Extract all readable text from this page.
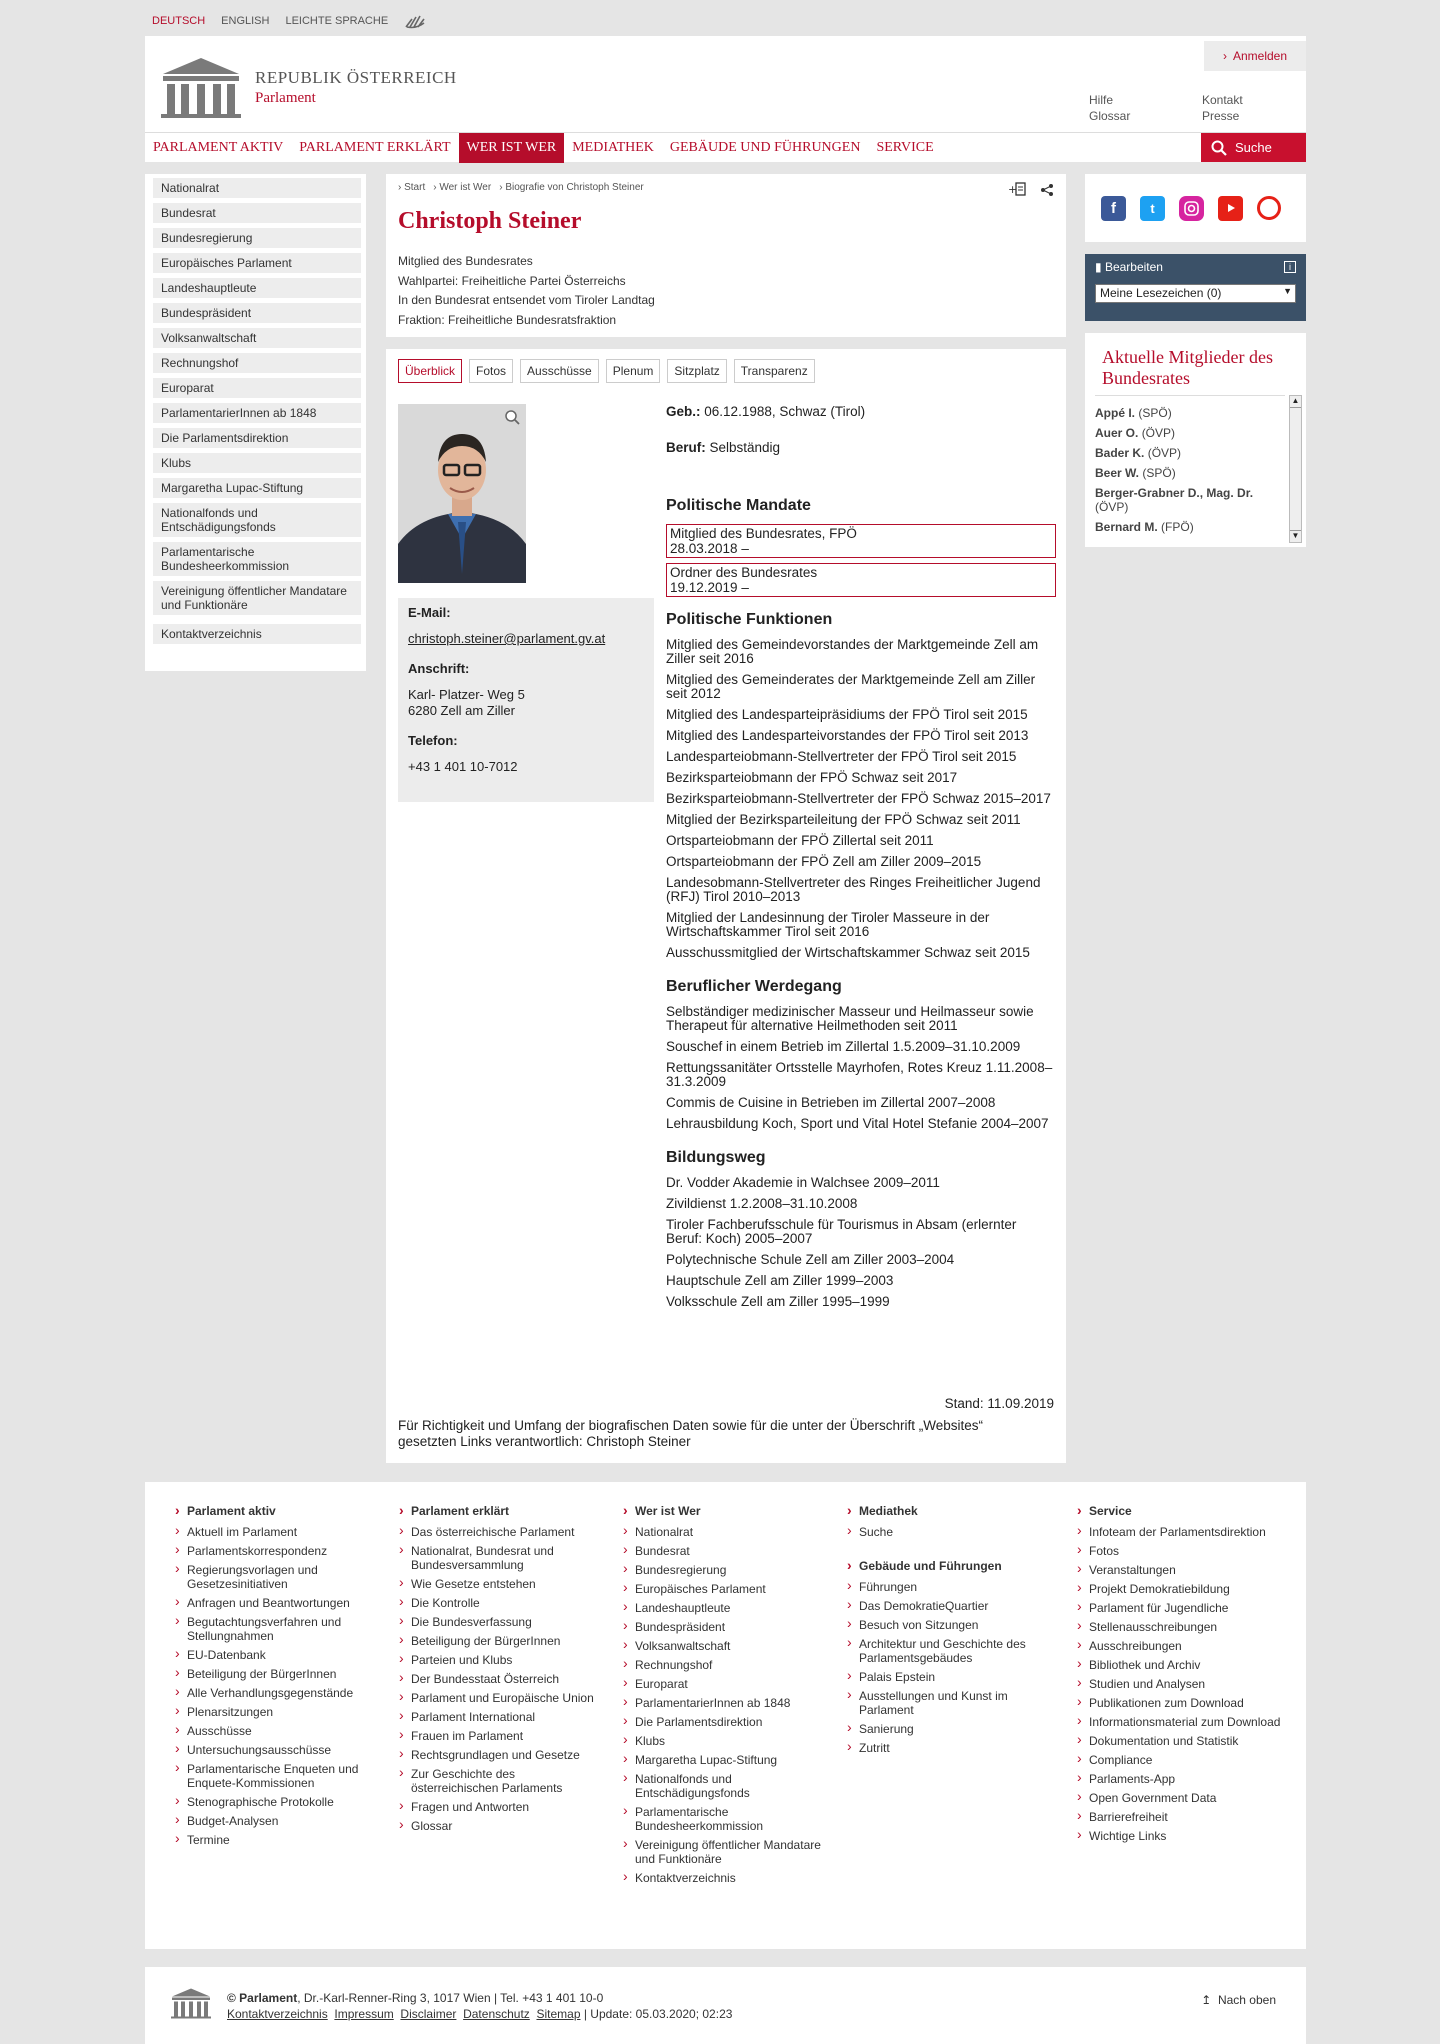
DEUTSCH ENGLISH LEICHTE SPRACHE
REPUBLIK ÖSTERREICH
Parlament
› Anmelden
Hilfe
Glossar
Kontakt
Presse
PARLAMENT AKTIV	PARLAMENT ERKLÄRT	WER IST WER	MEDIATHEK	GEBÄUDE UND FÜHRUNGEN	SERVICE	Suche
Nationalrat
Bundesrat
Bundesregierung
Europäisches Parlament
Landeshauptleute
Bundespräsident
Volksanwaltschaft
Rechnungshof
Europarat
ParlamentarierInnen ab 1848
Die Parlamentsdirektion
Klubs
Margaretha Lupac-Stiftung
Nationalfonds und Entschädigungsfonds
Parlamentarische Bundesheerkommission
Vereinigung öffentlicher Mandatare und Funktionäre
Kontaktverzeichnis
› Start › Wer ist Wer › Biografie von Christoph Steiner	+
Christoph Steiner
Mitglied des Bundesrates
Wahlpartei: Freiheitliche Partei Österreichs
In den Bundesrat entsendet vom Tiroler Landtag
Fraktion: Freiheitliche Bundesratsfraktion
Überblick	Fotos	Ausschüsse	Plenum	Sitzplatz	Transparenz
E-Mail:
christoph.steiner@parlament.gv.at
Anschrift:
Karl- Platzer- Weg 5
6280 Zell am Ziller
Telefon:
+43 1 401 10-7012
Geb.: 06.12.1988, Schwaz (Tirol)
Beruf: Selbständig
Politische Mandate
Mitglied des Bundesrates, FPÖ
28.03.2018 –
Ordner des Bundesrates
19.12.2019 –
Politische Funktionen
Mitglied des Gemeindevorstandes der Marktgemeinde Zell am Ziller seit 2016
Mitglied des Gemeinderates der Marktgemeinde Zell am Ziller seit 2012
Mitglied des Landesparteipräsidiums der FPÖ Tirol seit 2015
Mitglied des Landesparteivorstandes der FPÖ Tirol seit 2013
Landesparteiobmann-Stellvertreter der FPÖ Tirol seit 2015
Bezirksparteiobmann der FPÖ Schwaz seit 2017
Bezirksparteiobmann-Stellvertreter der FPÖ Schwaz 2015–2017
Mitglied der Bezirksparteileitung der FPÖ Schwaz seit 2011
Ortsparteiobmann der FPÖ Zillertal seit 2011
Ortsparteiobmann der FPÖ Zell am Ziller 2009–2015
Landesobmann-Stellvertreter des Ringes Freiheitlicher Jugend (RFJ) Tirol 2010–2013
Mitglied der Landesinnung der Tiroler Masseure in der Wirtschaftskammer Tirol seit 2016
Ausschussmitglied der Wirtschaftskammer Schwaz seit 2015
Beruflicher Werdegang
Selbständiger medizinischer Masseur und Heilmasseur sowie Therapeut für alternative Heilmethoden seit 2011
Souschef in einem Betrieb im Zillertal 1.5.2009–31.10.2009
Rettungssanitäter Ortsstelle Mayrhofen, Rotes Kreuz 1.11.2008–31.3.2009
Commis de Cuisine in Betrieben im Zillertal 2007–2008
Lehrausbildung Koch, Sport und Vital Hotel Stefanie 2004–2007
Bildungsweg
Dr. Vodder Akademie in Walchsee 2009–2011
Zivildienst 1.2.2008–31.10.2008
Tiroler Fachberufsschule für Tourismus in Absam (erlernter Beruf: Koch) 2005–2007
Polytechnische Schule Zell am Ziller 2003–2004
Hauptschule Zell am Ziller 1999–2003
Volksschule Zell am Ziller 1995–1999
Stand: 11.09.2019
Für Richtigkeit und Umfang der biografischen Daten sowie für die unter der Überschrift „Websites“ gesetzten Links verantwortlich: Christoph Steiner
f	t
▮ Bearbeiten	i
Meine Lesezeichen (0)	▼
Aktuelle Mitglieder des Bundesrates
Appé I. (SPÖ)
Auer O. (ÖVP)
Bader K. (ÖVP)
Beer W. (SPÖ)
Berger-Grabner D., Mag. Dr. (ÖVP)
Bernard M. (FPÖ)
▲
▼
› Parlament aktiv
› Aktuell im Parlament
› Parlamentskorrespondenz
› Regierungsvorlagen und Gesetzesinitiativen
› Anfragen und Beantwortungen
› Begutachtungsverfahren und Stellungnahmen
› EU-Datenbank
› Beteiligung der BürgerInnen
› Alle Verhandlungsgegenstände
› Plenarsitzungen
› Ausschüsse
› Untersuchungsausschüsse
› Parlamentarische Enqueten und Enquete-Kommissionen
› Stenographische Protokolle
› Budget-Analysen
› Termine
› Parlament erklärt
› Das österreichische Parlament
› Nationalrat, Bundesrat und Bundesversammlung
› Wie Gesetze entstehen
› Die Kontrolle
› Die Bundesverfassung
› Beteiligung der BürgerInnen
› Parteien und Klubs
› Der Bundesstaat Österreich
› Parlament und Europäische Union
› Parlament International
› Frauen im Parlament
› Rechtsgrundlagen und Gesetze
› Zur Geschichte des österreichischen Parlaments
› Fragen und Antworten
› Glossar
› Wer ist Wer
› Nationalrat
› Bundesrat
› Bundesregierung
› Europäisches Parlament
› Landeshauptleute
› Bundespräsident
› Volksanwaltschaft
› Rechnungshof
› Europarat
› ParlamentarierInnen ab 1848
› Die Parlamentsdirektion
› Klubs
› Margaretha Lupac-Stiftung
› Nationalfonds und Entschädigungsfonds
› Parlamentarische Bundesheerkommission
› Vereinigung öffentlicher Mandatare und Funktionäre
› Kontaktverzeichnis
› Mediathek
› Suche
› Gebäude und Führungen
› Führungen
› Das DemokratieQuartier
› Besuch von Sitzungen
› Architektur und Geschichte des Parlamentsgebäudes
› Palais Epstein
› Ausstellungen und Kunst im Parlament
› Sanierung
› Zutritt
› Service
› Infoteam der Parlamentsdirektion
› Fotos
› Veranstaltungen
› Projekt Demokratiebildung
› Parlament für Jugendliche
› Stellenausschreibungen
› Ausschreibungen
› Bibliothek und Archiv
› Studien und Analysen
› Publikationen zum Download
› Informationsmaterial zum Download
› Dokumentation und Statistik
› Compliance
› Parlaments-App
› Open Government Data
› Barrierefreiheit
› Wichtige Links
© Parlament, Dr.-Karl-Renner-Ring 3, 1017 Wien | Tel. +43 1 401 10-0
Kontaktverzeichnis Impressum Disclaimer Datenschutz Sitemap | Update: 05.03.2020; 02:23
↥ Nach oben
